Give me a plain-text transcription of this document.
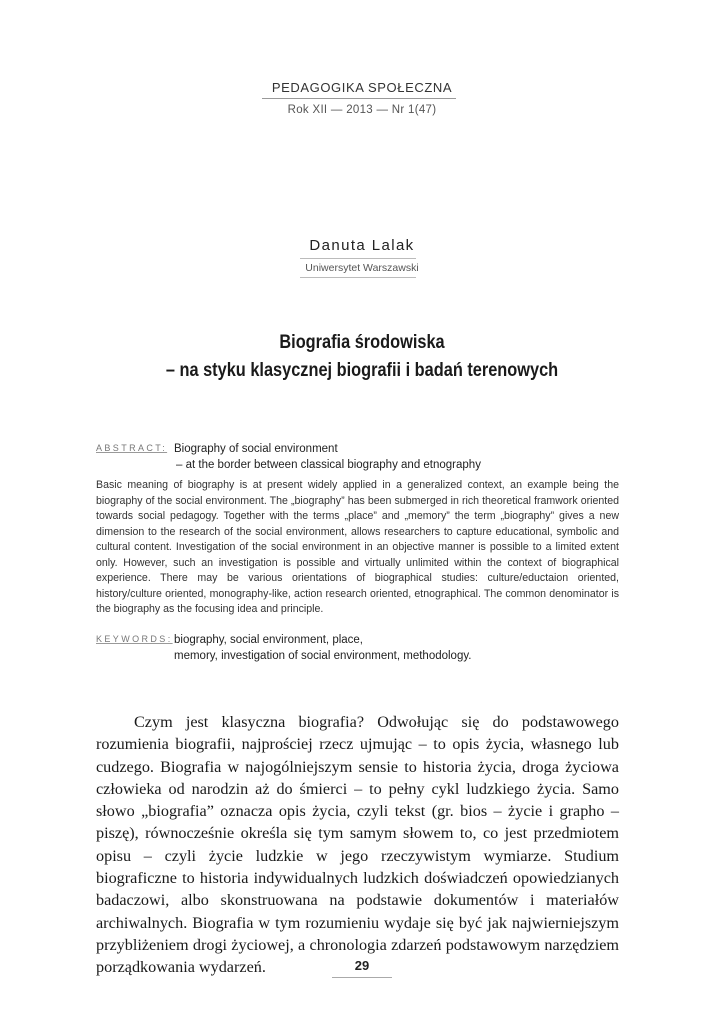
PEDAGOGIKA SPOŁECZNA
Rok XII — 2013 — Nr 1(47)
Danuta Lalak
Uniwersytet Warszawski
Biografia środowiska
– na styku klasycznej biografii i badań terenowych
ABSTRACT: Biography of social environment
– at the border between classical biography and etnography
Basic meaning of biography is at present widely applied in a generalized context, an example being the biography of the social environment. The „biography” has been submerged in rich theoretical framwork oriented towards social pedagogy. Together with the terms „place” and „memory” the term „biography” gives a new dimension to the research of the social environment, allows researchers to capture educational, symbolic and cultural content. Investigation of the social environment in an objective manner is possible to a limited extent only. However, such an investigation is possible and virtually unlimited within the context of biographical experience. There may be various orientations of biographical studies: culture/eductaion oriented, history/culture oriented, monography-like, action research oriented, etnographical. The common denominator is the biography as the focusing idea and principle.
KEYWORDS: biography, social environment, place,
memory, investigation of social environment, methodology.
Czym jest klasyczna biografia? Odwołując się do podstawowego rozumienia biografii, najprościej rzecz ujmując – to opis życia, własnego lub cudzego. Biografia w najogólniejszym sensie to historia życia, droga życiowa człowieka od narodzin aż do śmierci – to pełny cykl ludzkiego życia. Samo słowo „biografia” oznacza opis życia, czyli tekst (gr. bios – życie i grapho – piszę), równocześnie określa się tym samym słowem to, co jest przedmiotem opisu – czyli życie ludzkie w jego rzeczywistym wymiarze. Studium biograficzne to historia indywidualnych ludzkich doświadczeń opowiedzianych badaczowi, albo skonstruowana na podstawie dokumentów i materiałów archiwalnych. Biografia w tym rozumieniu wydaje się być jak najwierniejszym przybliżeniem drogi życiowej, a chronologia zdarzeń podstawowym narzędziem porządkowania wydarzeń.	29
